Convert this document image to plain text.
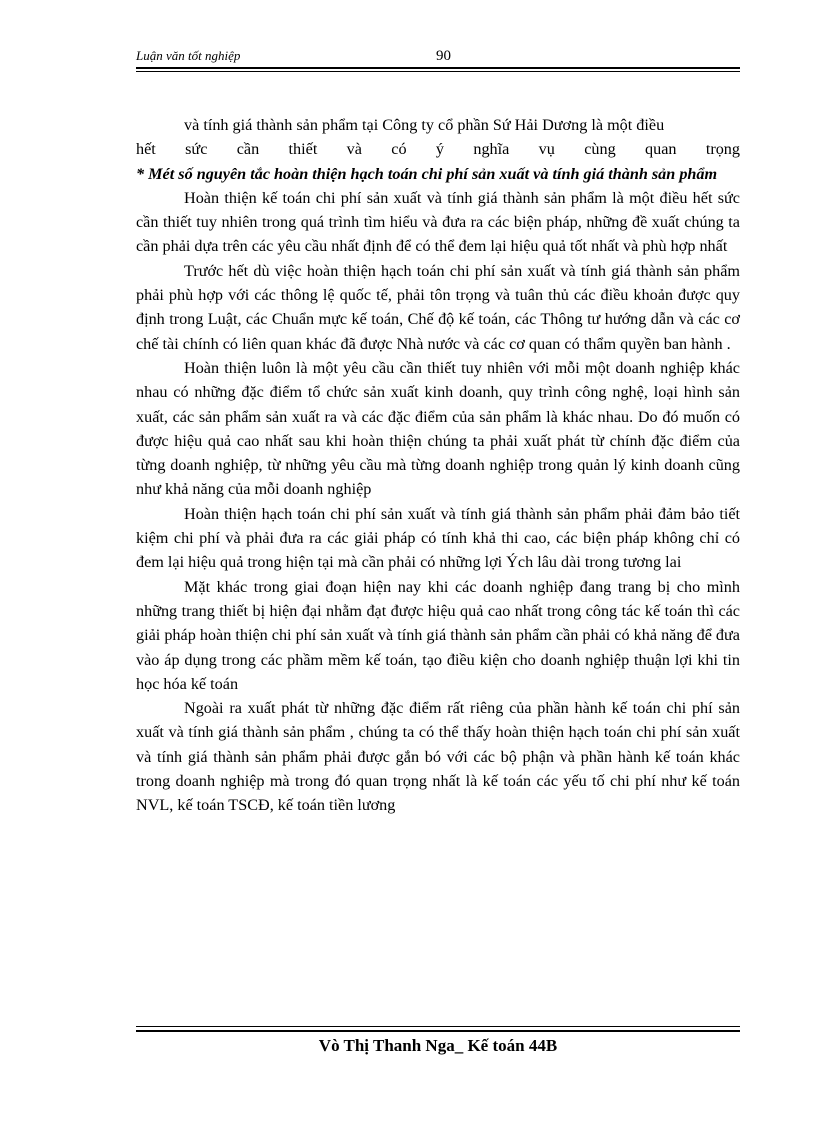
Luận văn tốt nghiệp	90

và tính giá thành sản phẩm tại Công ty cổ phần Sứ Hải Dương là một điều

hết sức cần thiết và có ý nghĩa vụ cùng quan trọng

* Mét số nguyên tắc hoàn thiện hạch toán chi phí sản xuất và tính giá thành sản phẩm

Hoàn thiện kế toán chi phí sản xuất và tính giá thành sản phẩm là một điều hết sức cần thiết tuy nhiên trong quá trình tìm hiểu và đưa ra các biện pháp, những đề xuất chúng ta cần phải dựa trên các yêu cầu nhất định để có thể đem lại hiệu quả tốt nhất và phù hợp nhất

Trước hết dù việc hoàn thiện hạch toán chi phí sản xuất và tính giá thành sản phẩm phải phù hợp với các thông lệ quốc tế, phải tôn trọng và tuân thủ các điều khoản được quy định trong Luật, các Chuẩn mực kế toán, Chế độ kế toán, các Thông tư hướng dẫn và các cơ chế tài chính có liên quan khác đã được Nhà nước và các cơ quan có thẩm quyền ban hành .

Hoàn thiện luôn là một yêu cầu cần thiết tuy nhiên với mỗi một doanh nghiệp khác nhau có những đặc điểm tổ chức sản xuất kinh doanh, quy trình công nghệ, loại hình sản xuất, các sản phẩm sản xuất ra và các đặc điểm của sản phẩm là khác nhau. Do đó muốn có được hiệu quả cao nhất sau khi hoàn thiện chúng ta phải xuất phát từ chính đặc điểm của từng doanh nghiệp, từ những yêu cầu mà từng doanh nghiệp trong quản lý kinh doanh cũng như khả năng của mỗi doanh nghiệp

Hoàn thiện hạch toán chi phí sản xuất và tính giá thành sản phẩm phải đảm bảo tiết kiệm chi phí và phải đưa ra các giải pháp có tính khả thi cao, các biện pháp không chỉ có đem lại hiệu quả trong hiện tại mà cần phải có những lợi Ých lâu dài trong tương lai

Mặt khác trong giai đoạn hiện nay khi các doanh nghiệp đang trang bị cho mình những trang thiết bị hiện đại nhằm đạt được hiệu quả cao nhất trong công tác kế toán thì các giải pháp hoàn thiện chi phí sản xuất và tính giá thành sản phẩm cần phải có khả năng để đưa vào áp dụng trong các phầm mềm kế toán, tạo điều kiện cho doanh nghiệp thuận lợi khi tin học hóa kế toán

Ngoài ra xuất phát từ những đặc điểm rất riêng của phần hành kế toán chi phí sản xuất và tính giá thành sản phẩm , chúng ta có thể thấy hoàn thiện hạch toán chi phí sản xuất và tính giá thành sản phẩm phải được gắn bó với các bộ phận và phần hành kế toán khác trong doanh nghiệp mà trong đó quan trọng nhất là kế toán các yếu tố chi phí như kế toán NVL, kế toán TSCĐ, kế toán tiền lương

Vò Thị Thanh Nga_ Kế toán 44B
